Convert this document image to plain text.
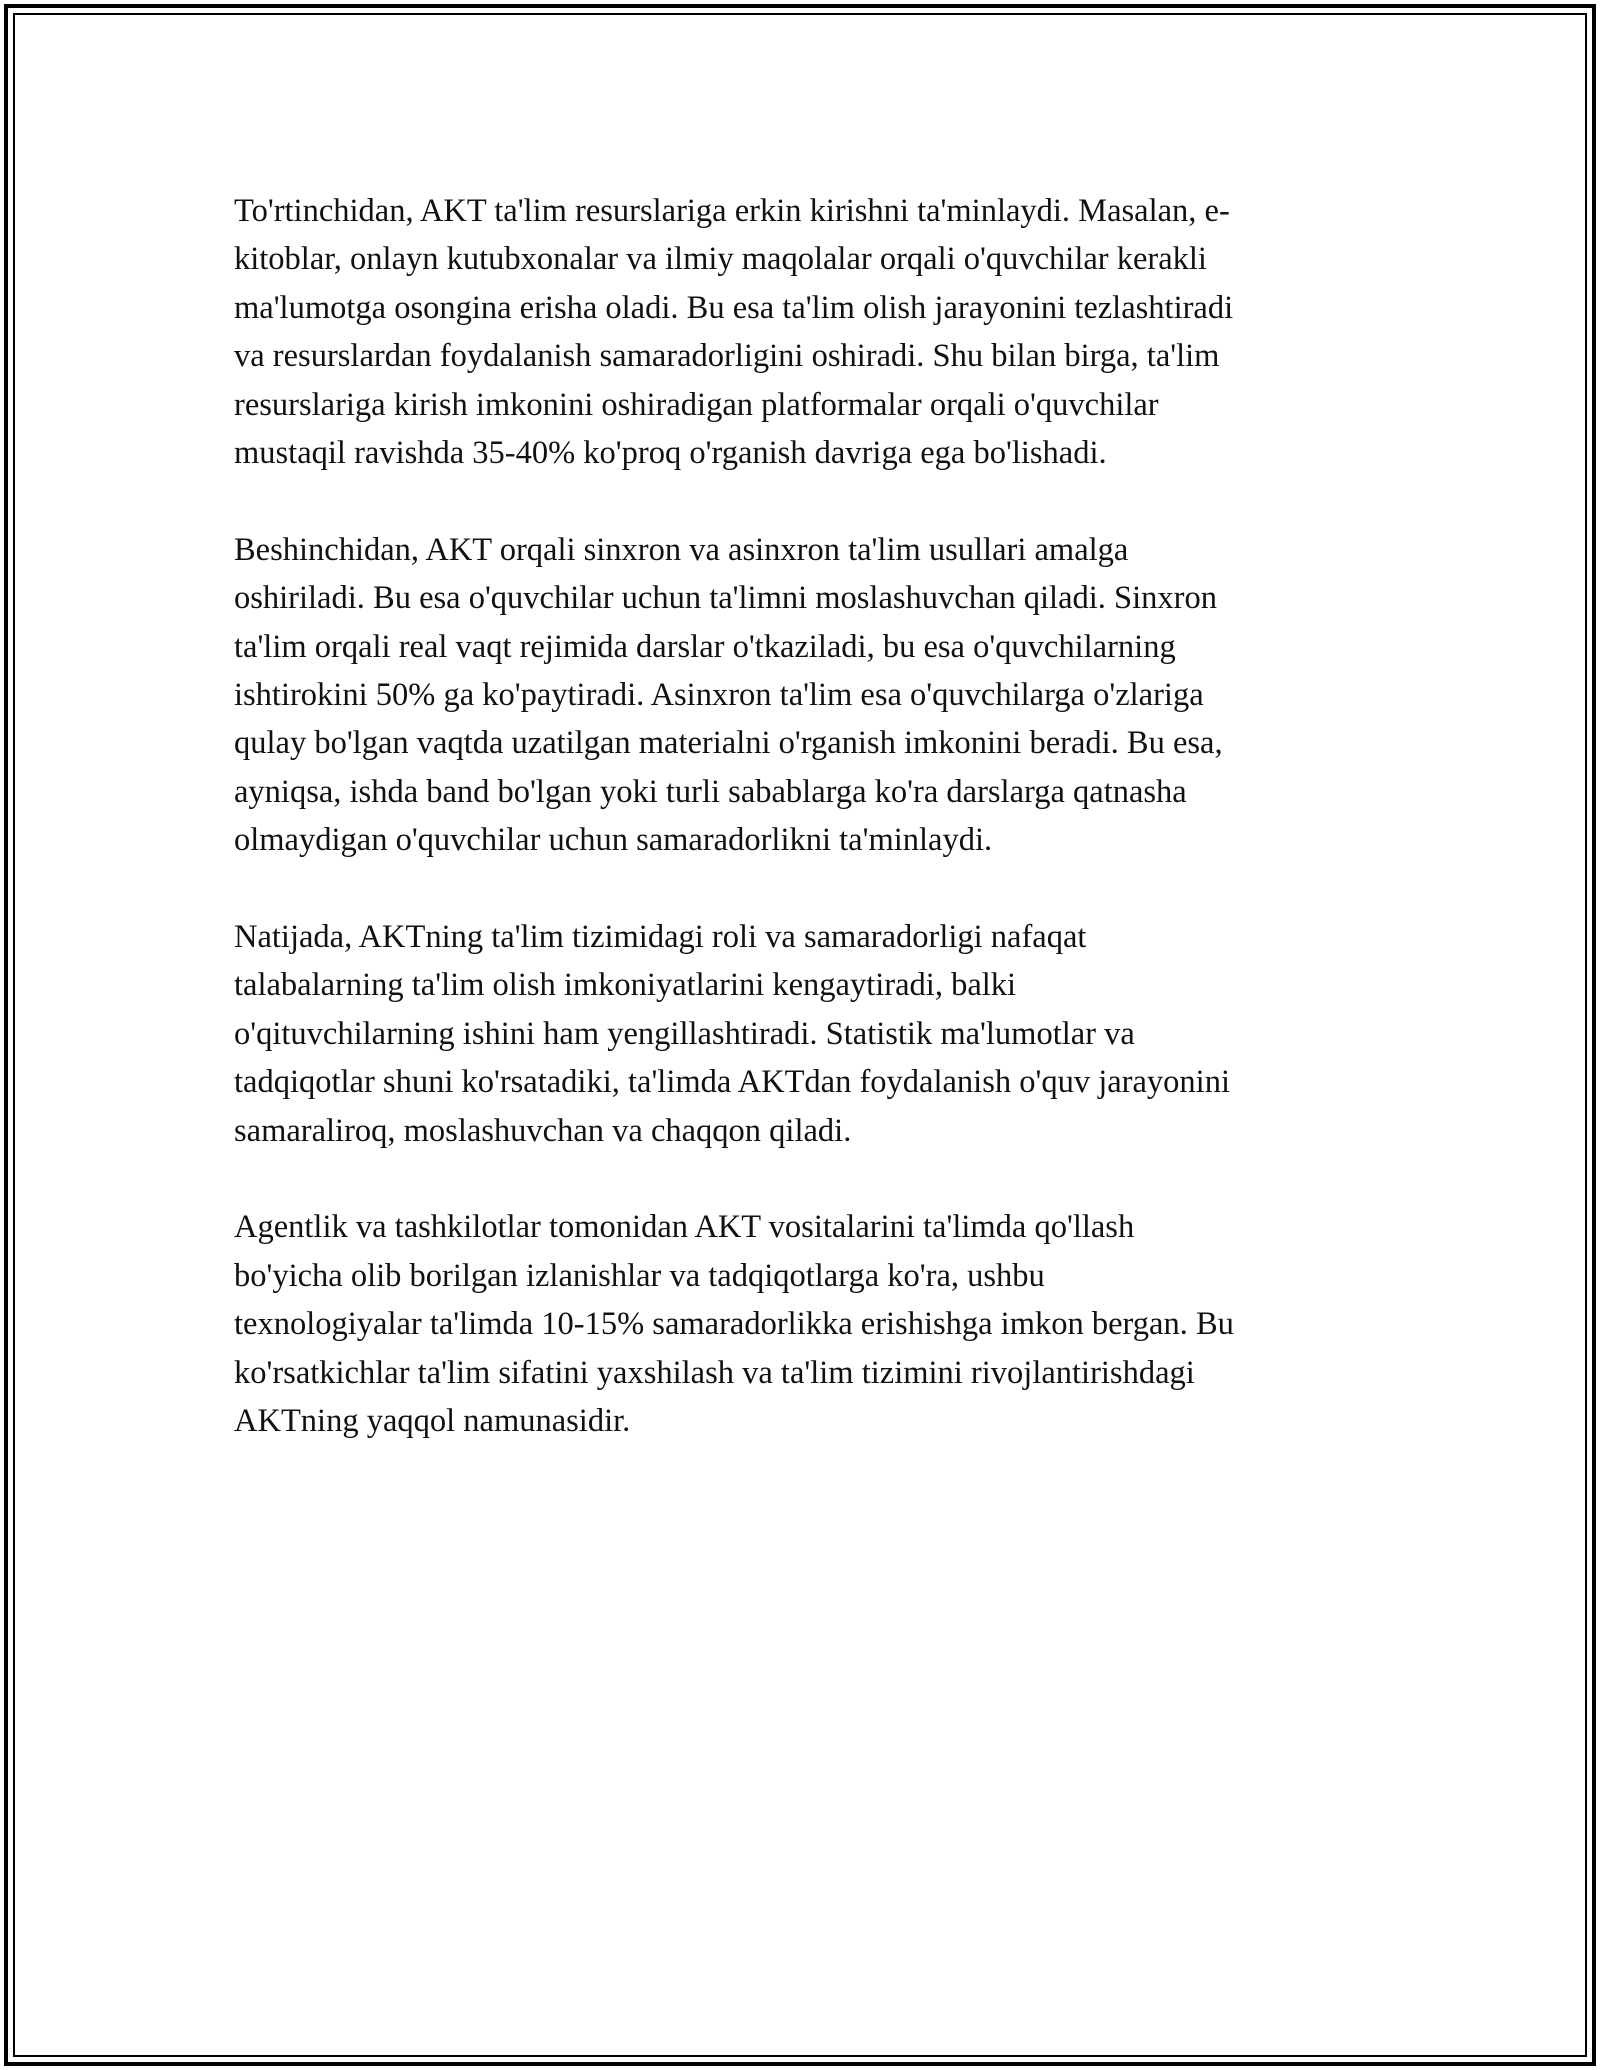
To'rtinchidan, AKT ta'lim resurslariga erkin kirishni ta'minlaydi. Masalan, e-
kitoblar, onlayn kutubxonalar va ilmiy maqolalar orqali o'quvchilar kerakli
ma'lumotga osongina erisha oladi. Bu esa ta'lim olish jarayonini tezlashtiradi
va resurslardan foydalanish samaradorligini oshiradi. Shu bilan birga, ta'lim
resurslariga kirish imkonini oshiradigan platformalar orqali o'quvchilar
mustaqil ravishda 35-40% ko'proq o'rganish davriga ega bo'lishadi.

Beshinchidan, AKT orqali sinxron va asinxron ta'lim usullari amalga
oshiriladi. Bu esa o'quvchilar uchun ta'limni moslashuvchan qiladi. Sinxron
ta'lim orqali real vaqt rejimida darslar o'tkaziladi, bu esa o'quvchilarning
ishtirokini 50% ga ko'paytiradi. Asinxron ta'lim esa o'quvchilarga o'zlariga
qulay bo'lgan vaqtda uzatilgan materialni o'rganish imkonini beradi. Bu esa,
ayniqsa, ishda band bo'lgan yoki turli sabablarga ko'ra darslarga qatnasha
olmaydigan o'quvchilar uchun samaradorlikni ta'minlaydi.

Natijada, AKTning ta'lim tizimidagi roli va samaradorligi nafaqat
talabalarning ta'lim olish imkoniyatlarini kengaytiradi, balki
o'qituvchilarning ishini ham yengillashtiradi. Statistik ma'lumotlar va
tadqiqotlar shuni ko'rsatadiki, ta'limda AKTdan foydalanish o'quv jarayonini
samaraliroq, moslashuvchan va chaqqon qiladi.

Agentlik va tashkilotlar tomonidan AKT vositalarini ta'limda qo'llash
bo'yicha olib borilgan izlanishlar va tadqiqotlarga ko'ra, ushbu
texnologiyalar ta'limda 10-15% samaradorlikka erishishga imkon bergan. Bu
ko'rsatkichlar ta'lim sifatini yaxshilash va ta'lim tizimini rivojlantirishdagi
AKTning yaqqol namunasidir.
